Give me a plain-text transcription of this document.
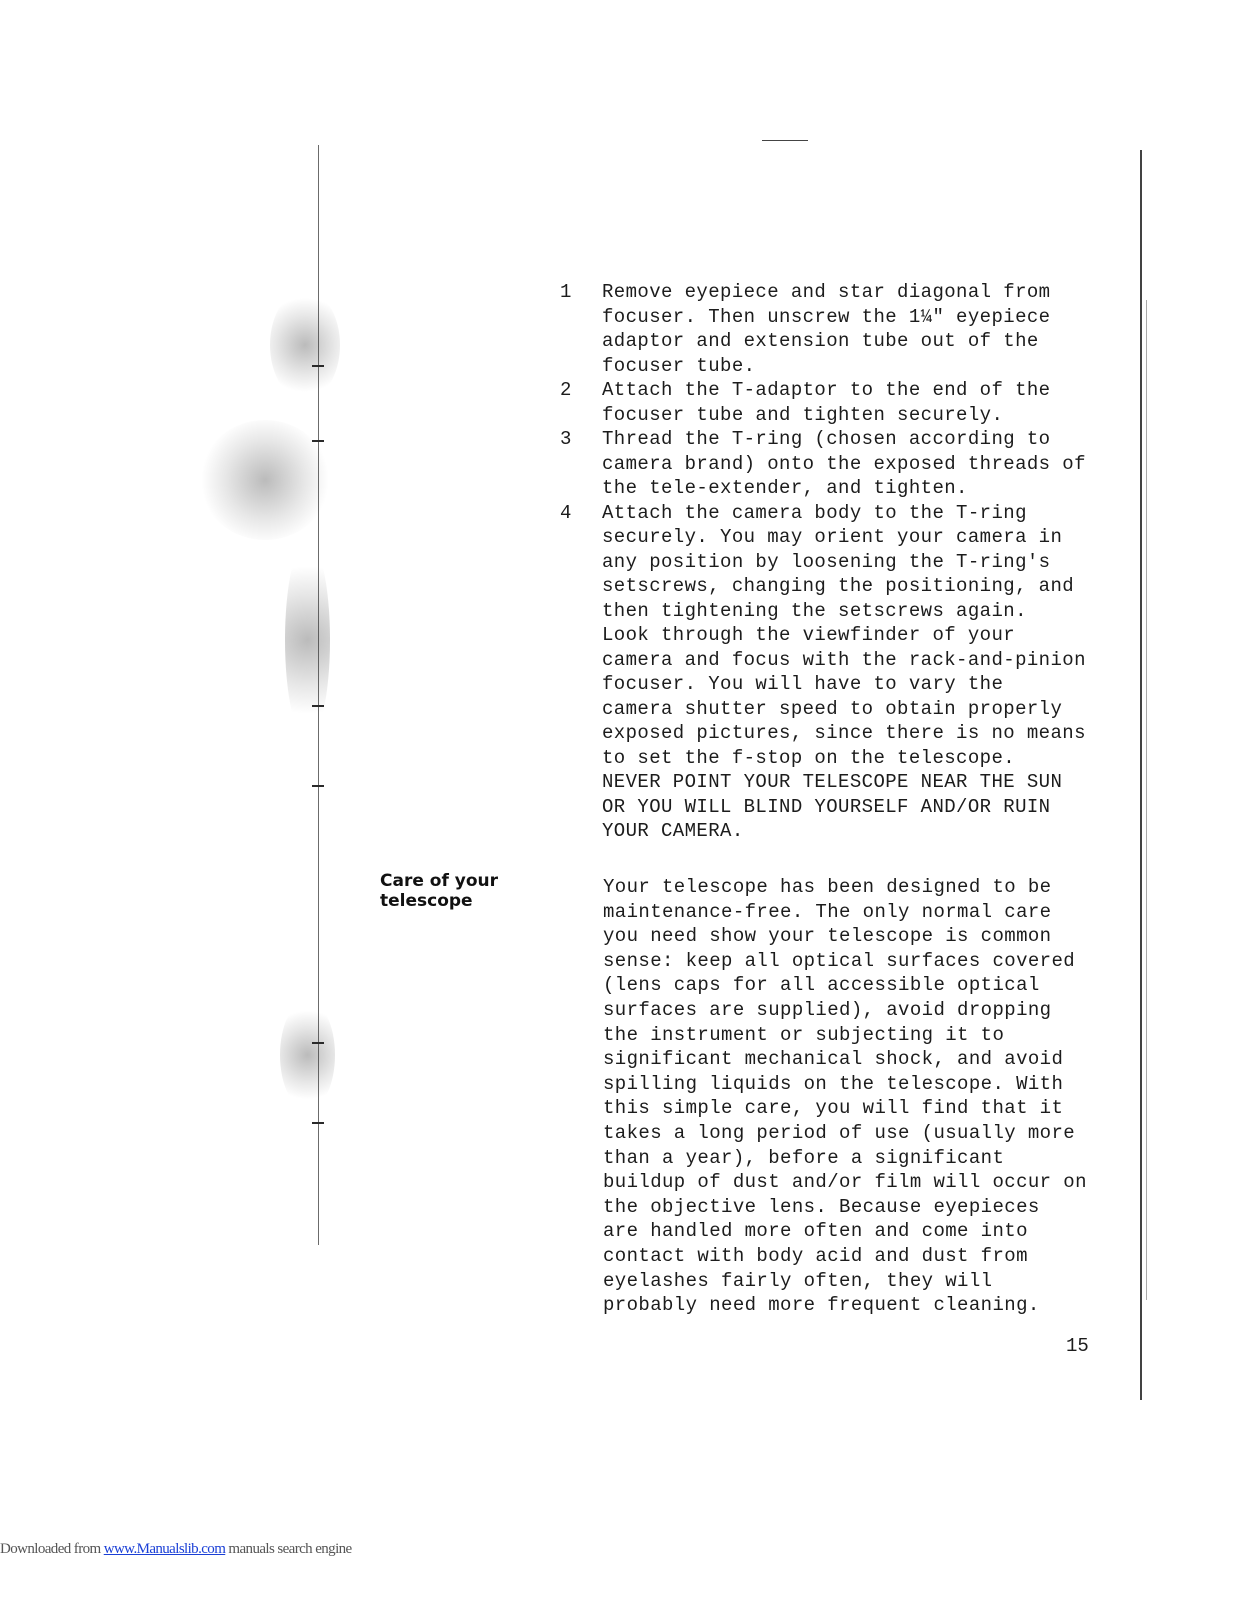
1	Remove eyepiece and star diagonal from
focuser. Then unscrew the 1¼" eyepiece
adaptor and extension tube out of the
focuser tube.

2	Attach the T-adaptor to the end of the
focuser tube and tighten securely.

3	Thread the T-ring (chosen according to
camera brand) onto the exposed threads of
the tele-extender, and tighten.

4	Attach the camera body to the T-ring
securely. You may orient your camera in
any position by loosening the T-ring's
setscrews, changing the positioning, and
then tightening the setscrews again.
Look through the viewfinder of your
camera and focus with the rack-and-pinion
focuser. You will have to vary the
camera shutter speed to obtain properly
exposed pictures, since there is no means
to set the f-stop on the telescope.
NEVER POINT YOUR TELESCOPE NEAR THE SUN
OR YOU WILL BLIND YOURSELF AND/OR RUIN
YOUR CAMERA.

Care of your
telescope

Your telescope has been designed to be
maintenance-free. The only normal care
you need show your telescope is common
sense: keep all optical surfaces covered
(lens caps for all accessible optical
surfaces are supplied), avoid dropping
the instrument or subjecting it to
significant mechanical shock, and avoid
spilling liquids on the telescope. With
this simple care, you will find that it
takes a long period of use (usually more
than a year), before a significant
buildup of dust and/or film will occur on
the objective lens. Because eyepieces
are handled more often and come into
contact with body acid and dust from
eyelashes fairly often, they will
probably need more frequent cleaning.

15

Downloaded from www.Manualslib.com manuals search engine
